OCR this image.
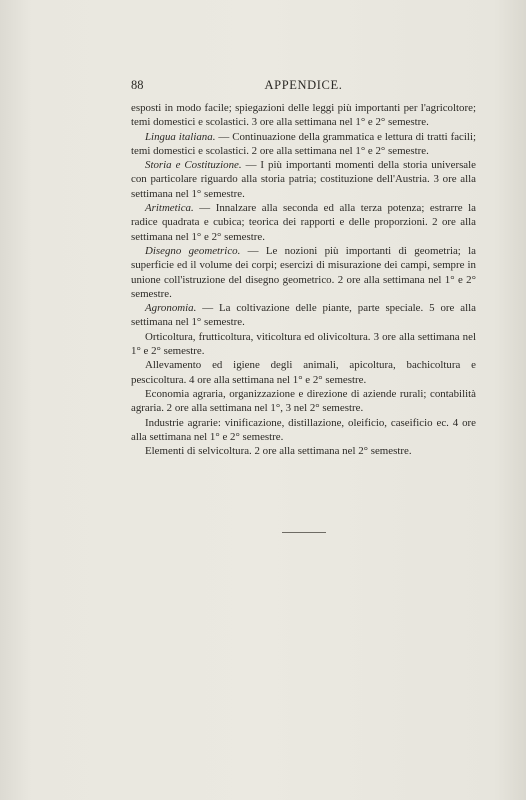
88	APPENDICE.

esposti in modo facile; spiegazioni delle leggi più importanti per l'agricoltore; temi domestici e scolastici. 3 ore alla settimana nel 1° e 2° semestre.

Lingua italiana. — Continuazione della grammatica e lettura di tratti facili; temi domestici e scolastici. 2 ore alla settimana nel 1° e 2° semestre.

Storia e Costituzione. — I più importanti momenti della storia universale con particolare riguardo alla storia patria; costituzione dell'Austria. 3 ore alla settimana nel 1° semestre.

Aritmetica. — Innalzare alla seconda ed alla terza potenza; estrarre la radice quadrata e cubica; teorica dei rapporti e delle proporzioni. 2 ore alla settimana nel 1° e 2° semestre.

Disegno geometrico. — Le nozioni più importanti di geometria; la superficie ed il volume dei corpi; esercizi di misurazione dei campi, sempre in unione coll'istruzione del disegno geometrico. 2 ore alla settimana nel 1° e 2° semestre.

Agronomia. — La coltivazione delle piante, parte speciale. 5 ore alla settimana nel 1° semestre.

Orticoltura, frutticoltura, viticoltura ed olivicoltura. 3 ore alla settimana nel 1° e 2° semestre.

Allevamento ed igiene degli animali, apicoltura, bachicoltura e pescicoltura. 4 ore alla settimana nel 1° e 2° semestre.

Economia agraria, organizzazione e direzione di aziende rurali; contabilità agraria. 2 ore alla settimana nel 1°, 3 nel 2° semestre.

Industrie agrarie: vinificazione, distillazione, oleificio, caseificio ec. 4 ore alla settimana nel 1° e 2° semestre.

Elementi di selvicoltura. 2 ore alla settimana nel 2° semestre.
